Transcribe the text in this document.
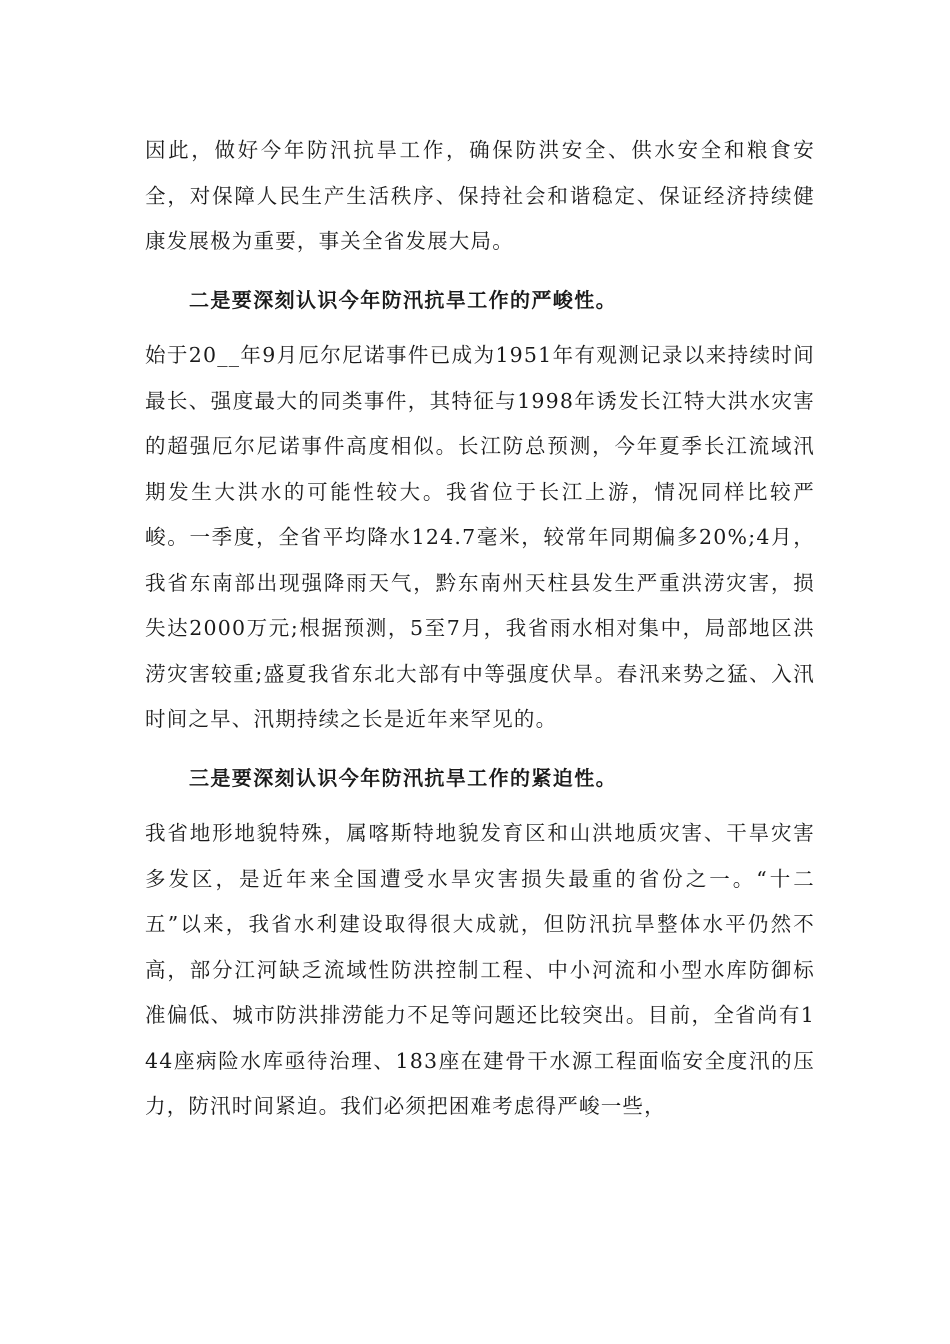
因此，做好今年防汛抗旱工作，确保防洪安全、供水安全和粮食安全，对保障人民生产生活秩序、保持社会和谐稳定、保证经济持续健康发展极为重要，事关全省发展大局。

二是要深刻认识今年防汛抗旱工作的严峻性。

始于20__年9月厄尔尼诺事件已成为1951年有观测记录以来持续时间最长、强度最大的同类事件，其特征与1998年诱发长江特大洪水灾害的超强厄尔尼诺事件高度相似。长江防总预测，今年夏季长江流域汛期发生大洪水的可能性较大。我省位于长江上游，情况同样比较严峻。一季度，全省平均降水124.7毫米，较常年同期偏多20%;4月，我省东南部出现强降雨天气，黔东南州天柱县发生严重洪涝灾害，损失达2000万元;根据预测，5至7月，我省雨水相对集中，局部地区洪涝灾害较重;盛夏我省东北大部有中等强度伏旱。春汛来势之猛、入汛时间之早、汛期持续之长是近年来罕见的。

三是要深刻认识今年防汛抗旱工作的紧迫性。

我省地形地貌特殊，属喀斯特地貌发育区和山洪地质灾害、干旱灾害多发区，是近年来全国遭受水旱灾害损失最重的省份之一。“十二五”以来，我省水利建设取得很大成就，但防汛抗旱整体水平仍然不高，部分江河缺乏流域性防洪控制工程、中小河流和小型水库防御标准偏低、城市防洪排涝能力不足等问题还比较突出。目前，全省尚有144座病险水库亟待治理、183座在建骨干水源工程面临安全度汛的压力，防汛时间紧迫。我们必须把困难考虑得严峻一些，
